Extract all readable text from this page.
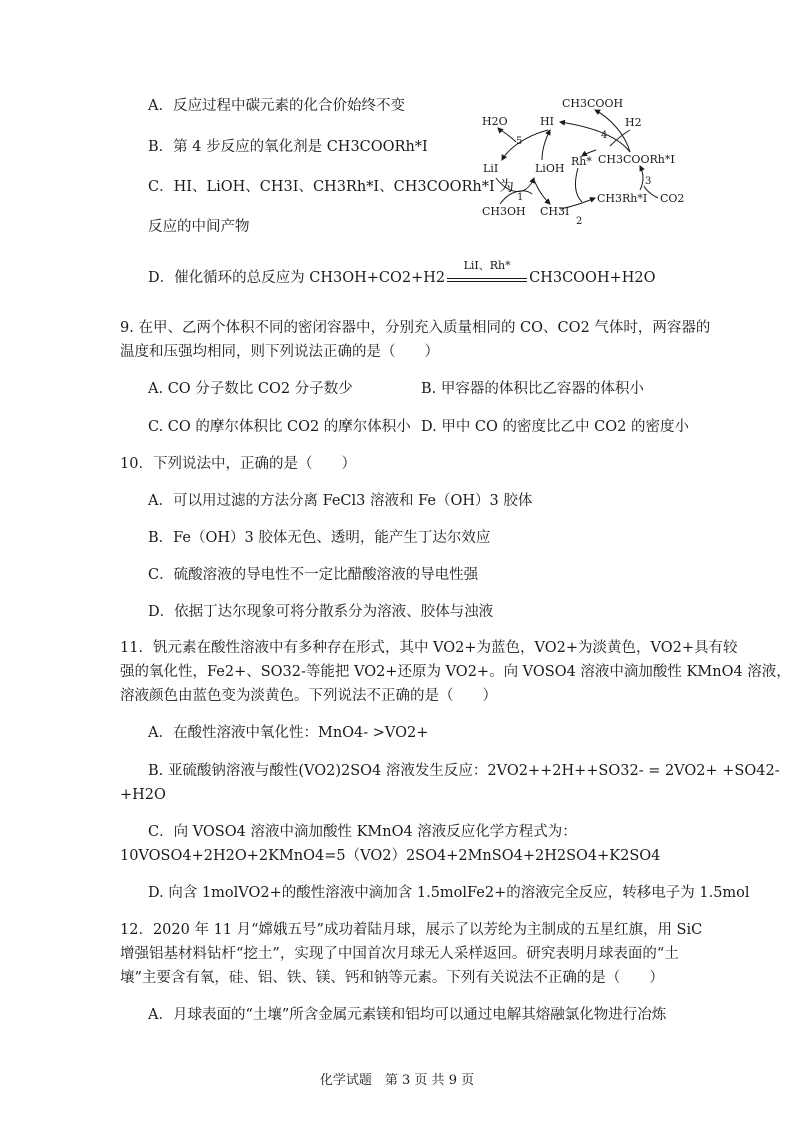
A．反应过程中碳元素的化合价始终不变
B．第 4 步反应的氧化剂是 CH3COORh*I
C．HI、LiOH、CH3I、CH3Rh*I、CH3COORh*I 为
反应的中间产物
D．催化循环的总反应为 CH3OH+CO2+H2
LiI、Rh*
CH3COOH+H2O
CH3COOH
H2O	HI	H2
LiI	LiOH
Rh* CH3COORh*I
CH3OH CH3I
CH3Rh*I CO2
5
1
2
3
4
9. 在甲、乙两个体积不同的密闭容器中，分别充入质量相同的 CO、CO2 气体时，两容器的
温度和压强均相同，则下列说法正确的是（　　）
A. CO 分子数比 CO2 分子数少	B. 甲容器的体积比乙容器的体积小
C. CO 的摩尔体积比 CO2 的摩尔体积小 D. 甲中 CO 的密度比乙中 CO2 的密度小
10．下列说法中，正确的是（　　）
A．可以用过滤的方法分离 FeCl3 溶液和 Fe（OH）3 胶体
B．Fe（OH）3 胶体无色、透明，能产生丁达尔效应
C．硫酸溶液的导电性不一定比醋酸溶液的导电性强
D．依据丁达尔现象可将分散系分为溶液、胶体与浊液
11．钒元素在酸性溶液中有多种存在形式，其中 VO2+为蓝色，VO2+为淡黄色，VO2+具有较
强的氧化性，Fe2+、SO32-等能把 VO2+还原为 VO2+。向 VOSO4 溶液中滴加酸性 KMnO4 溶液，
溶液颜色由蓝色变为淡黄色。下列说法不正确的是（　　）
A．在酸性溶液中氧化性：MnO4- >VO2+
B. 亚硫酸钠溶液与酸性(VO2)2SO4 溶液发生反应：2VO2++2H++SO32- = 2VO2+ +SO42-
+H2O
C．向 VOSO4 溶液中滴加酸性 KMnO4 溶液反应化学方程式为：
10VOSO4+2H2O+2KMnO4=5（VO2）2SO4+2MnSO4+2H2SO4+K2SO4
D. 向含 1molVO2+的酸性溶液中滴加含 1.5molFe2+的溶液完全反应，转移电子为 1.5mol
12．2020 年 11 月“嫦娥五号”成功着陆月球，展示了以芳纶为主制成的五星红旗，用 SiC
增强铝基材料钻杆“挖土”，实现了中国首次月球无人采样返回。研究表明月球表面的“土
壤”主要含有氧，硅、铝、铁、镁、钙和钠等元素。下列有关说法不正确的是（　　）
A．月球表面的“土壤”所含金属元素镁和铝均可以通过电解其熔融氯化物进行冶炼
化学试题　第 3 页 共 9 页
